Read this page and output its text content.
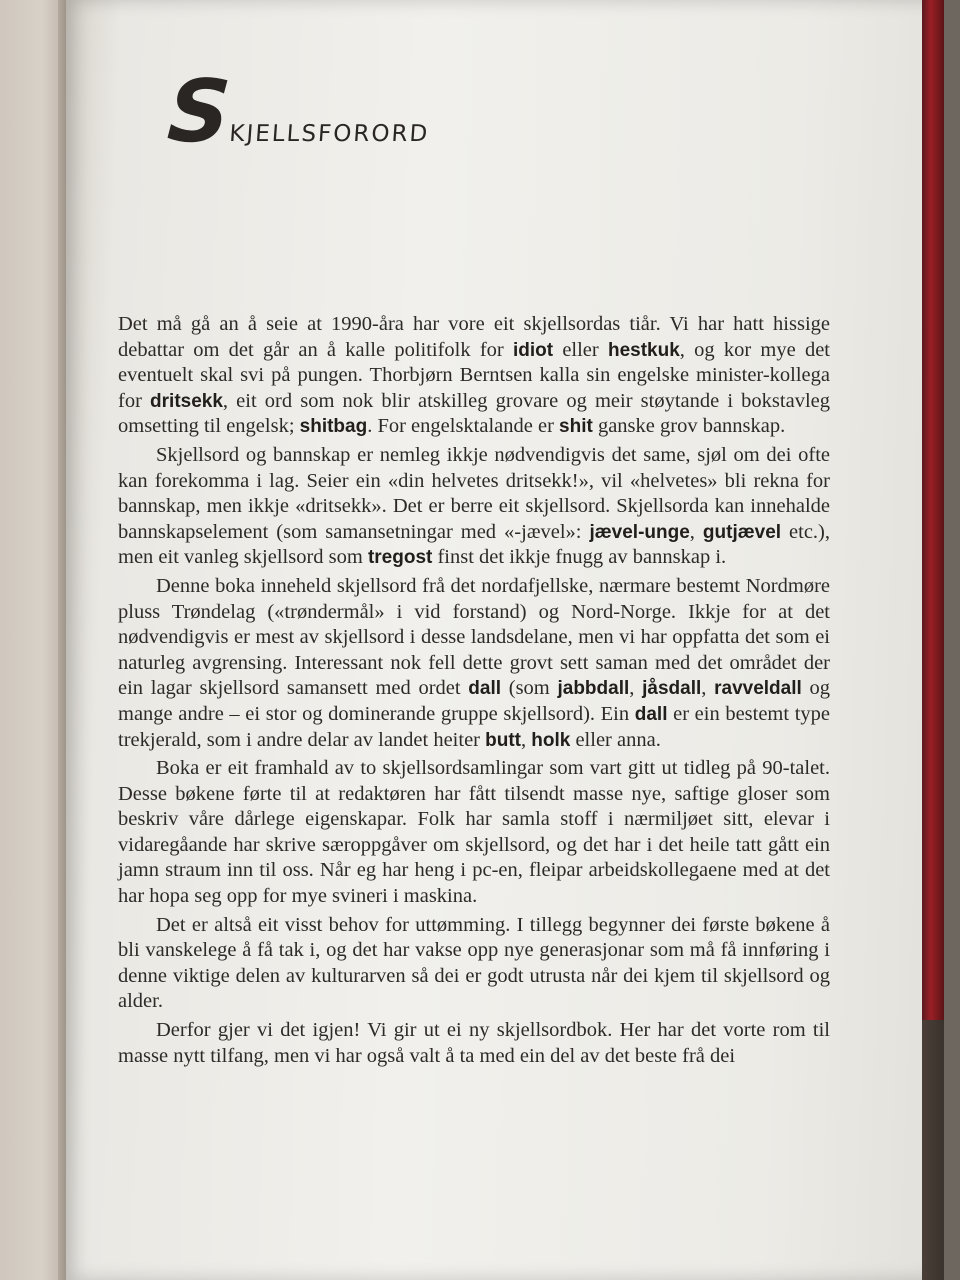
Skjellsforord

Det må gå an å seie at 1990-åra har vore eit skjellsordas tiår. Vi har hatt hissige debattar om det går an å kalle politifolk for idiot eller hestkuk, og kor mye det eventuelt skal svi på pungen. Thorbjørn Berntsen kalla sin engelske minister-kollega for dritsekk, eit ord som nok blir atskilleg grovare og meir støytande i bokstavleg omsetting til engelsk; shitbag. For engelsktalande er shit ganske grov bannskap.

Skjellsord og bannskap er nemleg ikkje nødvendigvis det same, sjøl om dei ofte kan forekomma i lag. Seier ein «din helvetes dritsekk!», vil «helvetes» bli rekna for bannskap, men ikkje «dritsekk». Det er berre eit skjellsord. Skjellsorda kan innehalde bannskapselement (som samansetningar med «-jævel»: jævel-unge, gutjævel etc.), men eit vanleg skjellsord som tregost finst det ikkje fnugg av bannskap i.

Denne boka inneheld skjellsord frå det nordafjellske, nærmare bestemt Nordmøre pluss Trøndelag («trøndermål» i vid forstand) og Nord-Norge. Ikkje for at det nødvendigvis er mest av skjellsord i desse landsdelane, men vi har oppfatta det som ei naturleg avgrensing. Interessant nok fell dette grovt sett saman med det området der ein lagar skjellsord samansett med ordet dall (som jabbdall, jåsdall, ravveldall og mange andre – ei stor og dominerande gruppe skjellsord). Ein dall er ein bestemt type trekjerald, som i andre delar av landet heiter butt, holk eller anna.

Boka er eit framhald av to skjellsordsamlingar som vart gitt ut tidleg på 90-talet. Desse bøkene førte til at redaktøren har fått tilsendt masse nye, saftige gloser som beskriv våre dårlege eigenskapar. Folk har samla stoff i nærmiljøet sitt, elevar i vidaregåande har skrive særoppgåver om skjellsord, og det har i det heile tatt gått ein jamn straum inn til oss. Når eg har heng i pc-en, fleipar arbeidskollegaene med at det har hopa seg opp for mye svineri i maskina.

Det er altså eit visst behov for uttømming. I tillegg begynner dei første bøkene å bli vanskelege å få tak i, og det har vakse opp nye generasjonar som må få innføring i denne viktige delen av kulturarven så dei er godt utrusta når dei kjem til skjellsord og alder.

Derfor gjer vi det igjen! Vi gir ut ei ny skjellsordbok. Her har det vorte rom til masse nytt tilfang, men vi har også valt å ta med ein del av det beste frå dei
